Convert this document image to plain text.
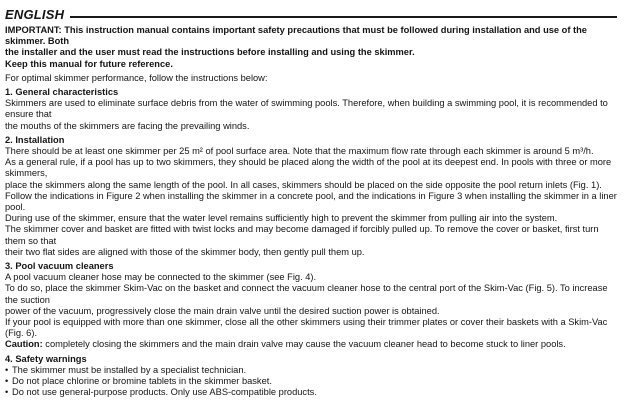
ENGLISH

IMPORTANT: This instruction manual contains important safety precautions that must be followed during installation and use of the skimmer. Both

the installer and the user must read the instructions before installing and using the skimmer.

Keep this manual for future reference.

For optimal skimmer performance, follow the instructions below:

1. General characteristics

Skimmers are used to eliminate surface debris from the water of swimming pools. Therefore, when building a swimming pool, it is recommended to ensure that

the mouths of the skimmers are facing the prevailing winds.

2. Installation

There should be at least one skimmer per 25 m² of pool surface area. Note that the maximum flow rate through each skimmer is around 5 m³/h.

As a general rule, if a pool has up to two skimmers, they should be placed along the width of the pool at its deepest end. In pools with three or more skimmers,

place the skimmers along the same length of the pool. In all cases, skimmers should be placed on the side opposite the pool return inlets (Fig. 1).

Follow the indications in Figure 2 when installing the skimmer in a concrete pool, and the indications in Figure 3 when installing the skimmer in a liner pool.

During use of the skimmer, ensure that the water level remains sufficiently high to prevent the skimmer from pulling air into the system.

The skimmer cover and basket are fitted with twist locks and may become damaged if forcibly pulled up. To remove the cover or basket, first turn them so that

their two flat sides are aligned with those of the skimmer body, then gently pull them up.

3. Pool vacuum cleaners

A pool vacuum cleaner hose may be connected to the skimmer (see Fig. 4).

To do so, place the skimmer Skim-Vac on the basket and connect the vacuum cleaner hose to the central port of the Skim-Vac (Fig. 5). To increase the suction

power of the vacuum, progressively close the main drain valve until the desired suction power is obtained.

If your pool is equipped with more than one skimmer, close all the other skimmers using their trimmer plates or cover their baskets with a Skim-Vac (Fig. 6).

Caution: completely closing the skimmers and the main drain valve may cause the vacuum cleaner head to become stuck to liner pools.

4. Safety warnings

• The skimmer must be installed by a specialist technician.

• Do not place chlorine or bromine tablets in the skimmer basket.

• Do not use general-purpose products. Only use ABS-compatible products.
